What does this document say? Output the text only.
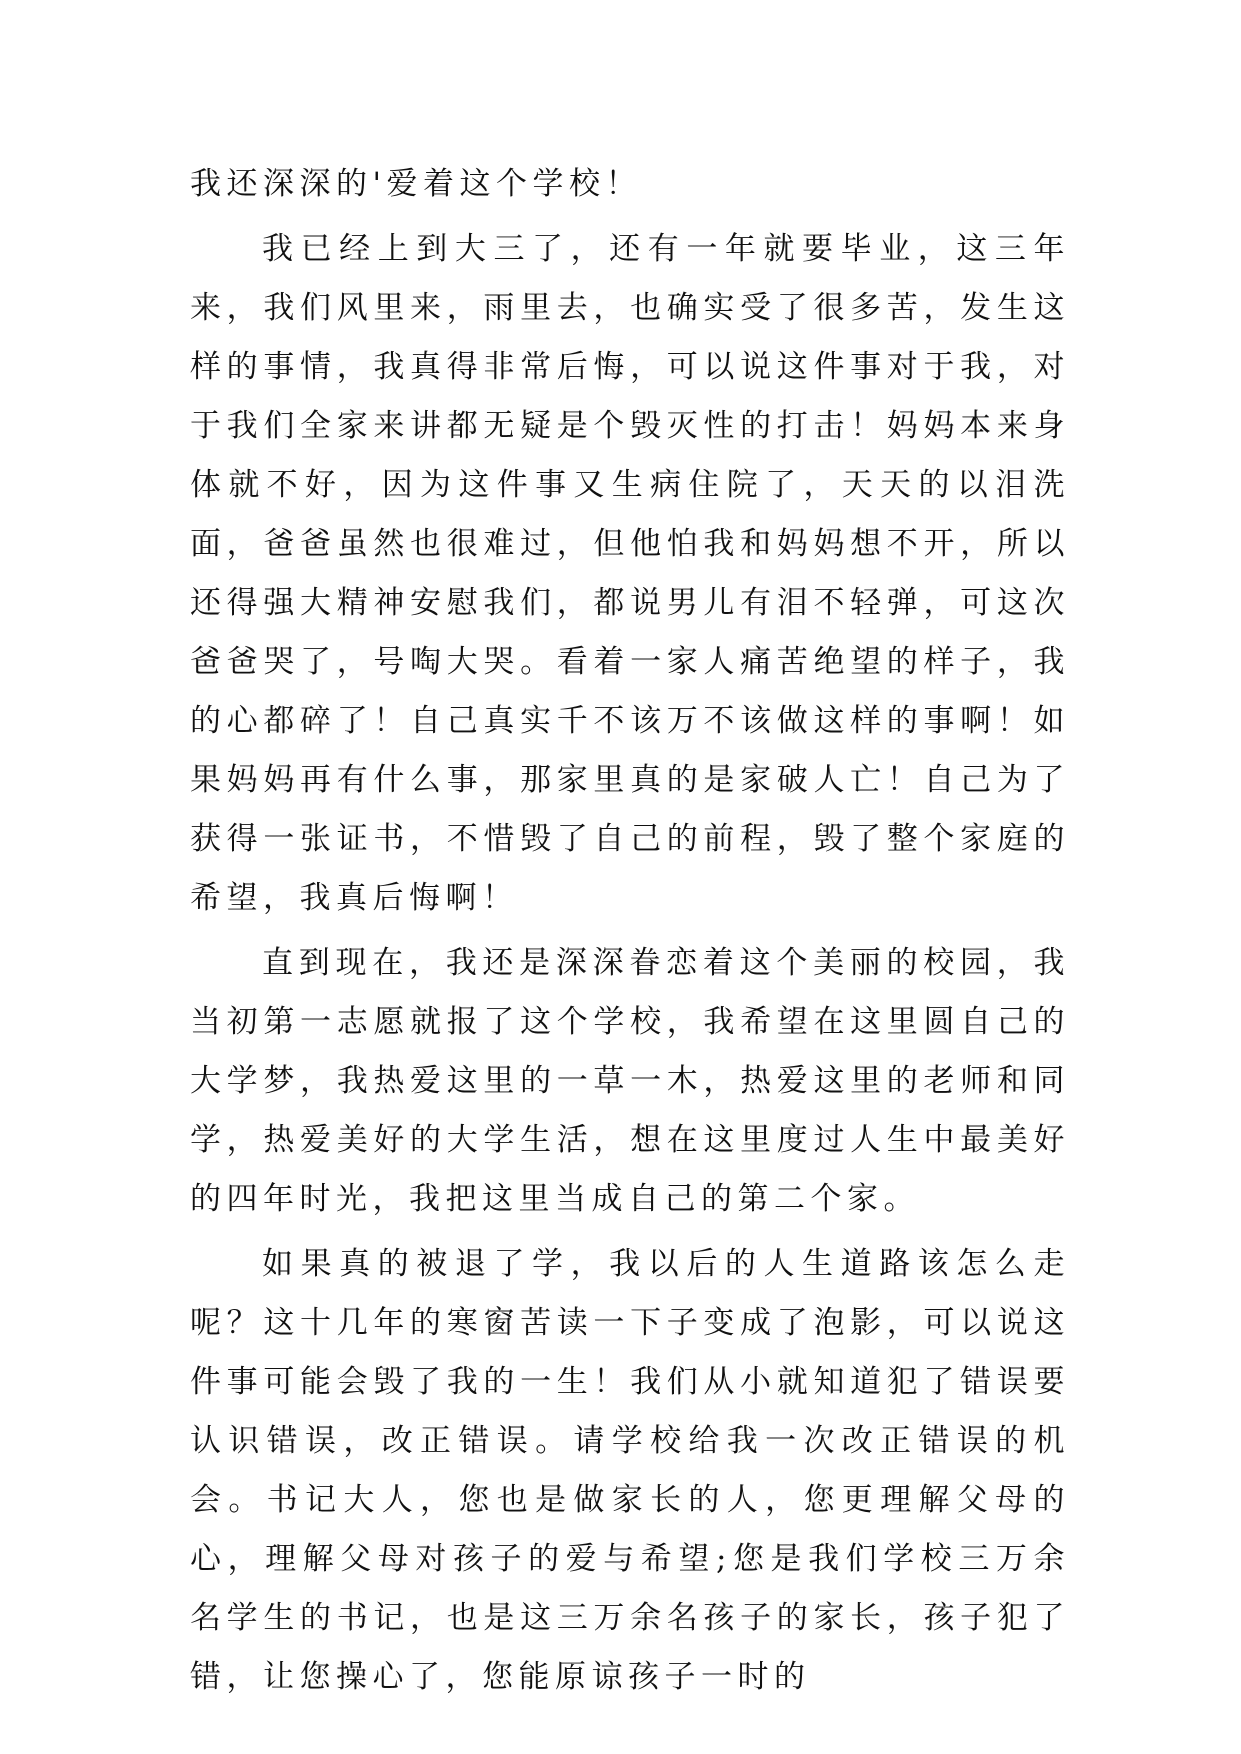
我还深深的'爱着这个学校！

我已经上到大三了，还有一年就要毕业，这三年来，我们风里来，雨里去，也确实受了很多苦，发生这样的事情，我真得非常后悔，可以说这件事对于我，对于我们全家来讲都无疑是个毁灭性的打击！妈妈本来身体就不好，因为这件事又生病住院了，天天的以泪洗面，爸爸虽然也很难过，但他怕我和妈妈想不开，所以还得强大精神安慰我们，都说男儿有泪不轻弹，可这次爸爸哭了，号啕大哭。看着一家人痛苦绝望的样子，我的心都碎了！自己真实千不该万不该做这样的事啊！如果妈妈再有什么事，那家里真的是家破人亡！自己为了获得一张证书，不惜毁了自己的前程，毁了整个家庭的希望，我真后悔啊！

直到现在，我还是深深眷恋着这个美丽的校园，我当初第一志愿就报了这个学校，我希望在这里圆自己的大学梦，我热爱这里的一草一木，热爱这里的老师和同学，热爱美好的大学生活，想在这里度过人生中最美好的四年时光，我把这里当成自己的第二个家。

如果真的被退了学，我以后的人生道路该怎么走呢？这十几年的寒窗苦读一下子变成了泡影，可以说这件事可能会毁了我的一生！我们从小就知道犯了错误要认识错误，改正错误。请学校给我一次改正错误的机会。书记大人，您也是做家长的人，您更理解父母的心，理解父母对孩子的爱与希望;您是我们学校三万余名学生的书记，也是这三万余名孩子的家长，孩子犯了错，让您操心了，您能原谅孩子一时的
